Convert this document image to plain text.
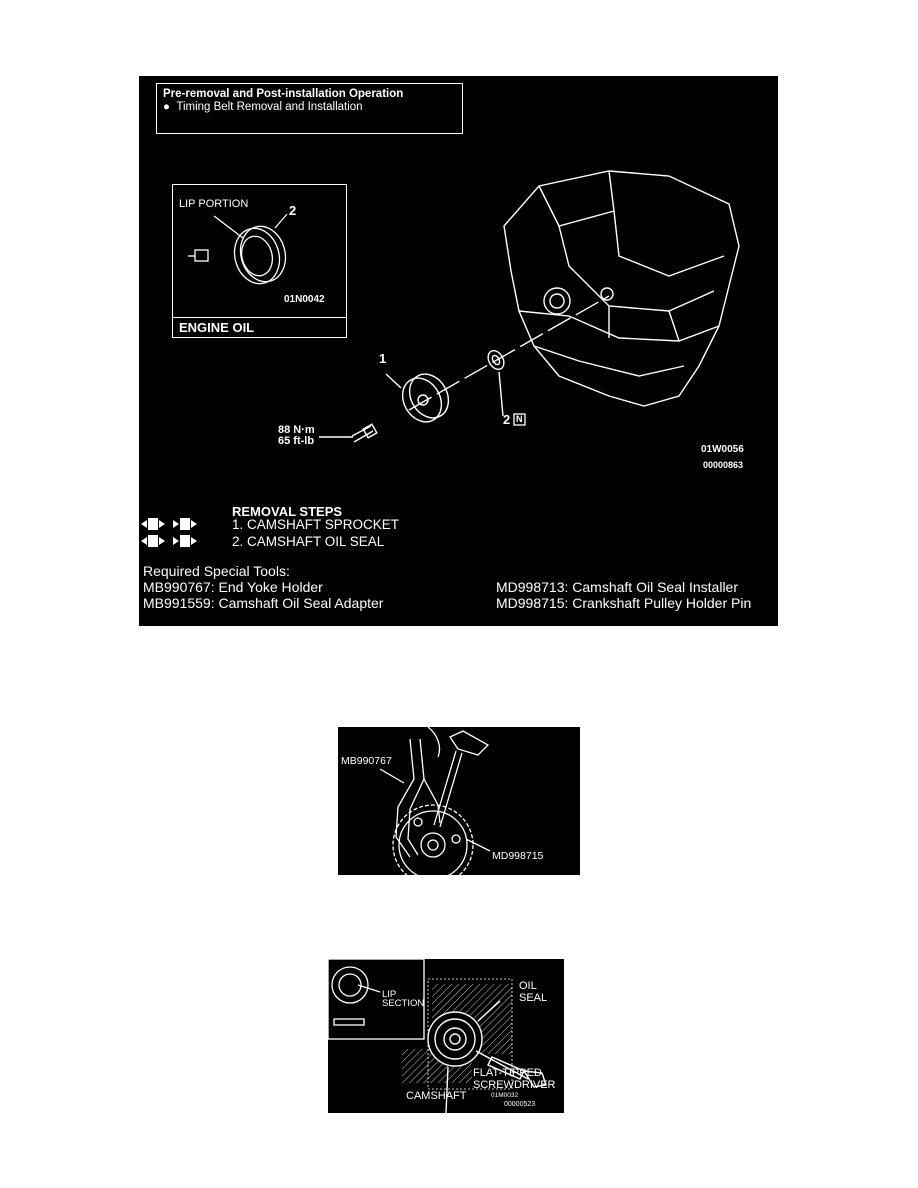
Pre-removal and Post-installation Operation
● Timing Belt Removal and Installation
LIP PORTION	2
01N0042
ENGINE OIL
1
2 N
88 N·m
65 ft-lb
01W0056
00000863
REMOVAL STEPS
1. CAMSHAFT SPROCKET
2. CAMSHAFT OIL SEAL
Required Special Tools:
MB990767: End Yoke Holder
MB991559: Camshaft Oil Seal Adapter
MD998713: Camshaft Oil Seal Installer
MD998715: Crankshaft Pulley Holder Pin
MB990767
MD998715
LIP
SECTION
OIL
SEAL
FLAT-TIPPED
SCREWDRIVER
CAMSHAFT	01M0032
00000523
